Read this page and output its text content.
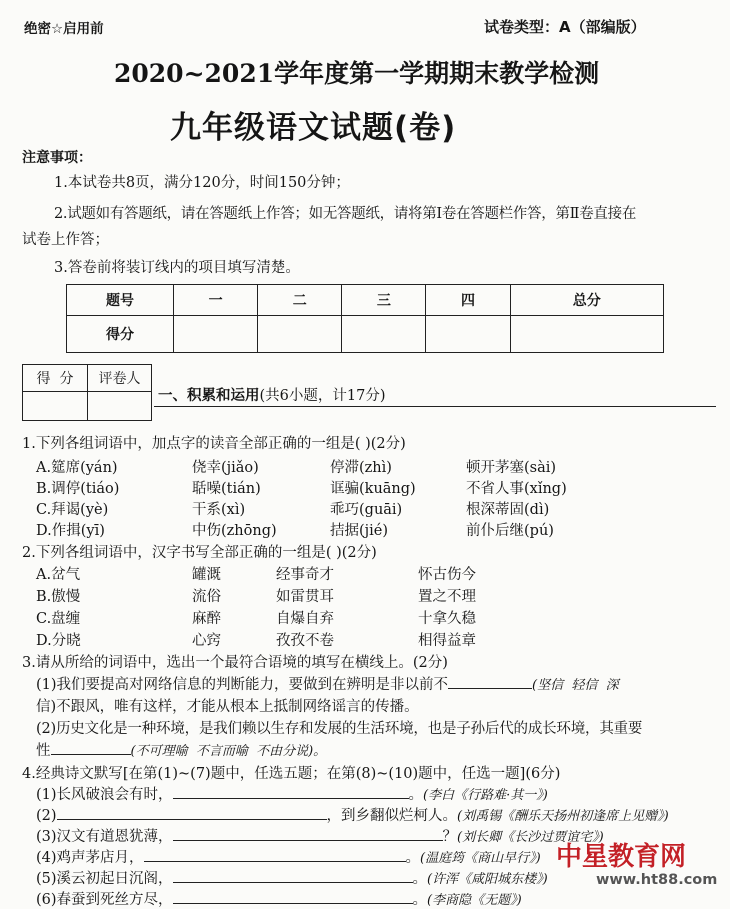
绝密☆启用前	试卷类型：A（部编版）
2020~2021学年度第一学期期末教学检测
九年级语文试题(卷)
注意事项：
1.本试卷共8页，满分120分，时间150分钟；
2.试题如有答题纸，请在答题纸上作答；如无答题纸，请将第Ⅰ卷在答题栏作答，第Ⅱ卷直接在
试卷上作答；
3.答卷前将装订线内的项目填写清楚。
题号	一	二	三	四	总分
得分					
得  分	评卷人

一、积累和运用(共6小题，计17分)
1.下列各组词语中，加点字的读音全部正确的一组是( )(2分)
A.筵席(yán)	侥幸(jiǎo)	停滞(zhì)	顿开茅塞(sài)
B.调停(tiáo)	聒噪(tián)	诓骗(kuāng)	不省人事(xǐng)
C.拜谒(yè)	干系(xì)	乖巧(guāi)	根深蒂固(dì)
D.作揖(yī)	中伤(zhōng)	拮据(jié)	前仆后继(pú)
2.下列各组词语中，汉字书写全部正确的一组是( )(2分)
A.岔气	罐溉	经事奇才	怀古伤今
B.傲慢	流俗	如雷贯耳	置之不理
C.盘缠	麻醉	自爆自弃	十拿久稳
D.分晓	心窍	孜孜不卷	相得益章
3.请从所给的词语中，选出一个最符合语境的填写在横线上。(2分)
(1)我们要提高对网络信息的判断能力，要做到在辨明是非以前不	(坚信  轻信  深
信)不跟风，唯有这样，才能从根本上抵制网络谣言的传播。
(2)历史文化是一种环境，是我们赖以生存和发展的生活环境，也是子孙后代的成长环境，其重要
性	(不可理喻  不言而喻  不由分说)。
4.经典诗文默写[在第(1)~(7)题中，任选五题；在第(8)~(10)题中，任选一题](6分)
(1)长风破浪会有时，	。(李白《行路难·其一》)
(2)	，到乡翻似烂柯人。(刘禹锡《酬乐天扬州初逢席上见赠》)
(3)汉文有道恩犹薄，	？(刘长卿《长沙过贾谊宅》)
(4)鸡声茅店月，	。(温庭筠《商山早行》)
(5)溪云初起日沉阁，	。(许浑《咸阳城东楼》)
(6)春蚕到死丝方尽，	。(李商隐《无题》)
中星教育网
www.ht88.com
